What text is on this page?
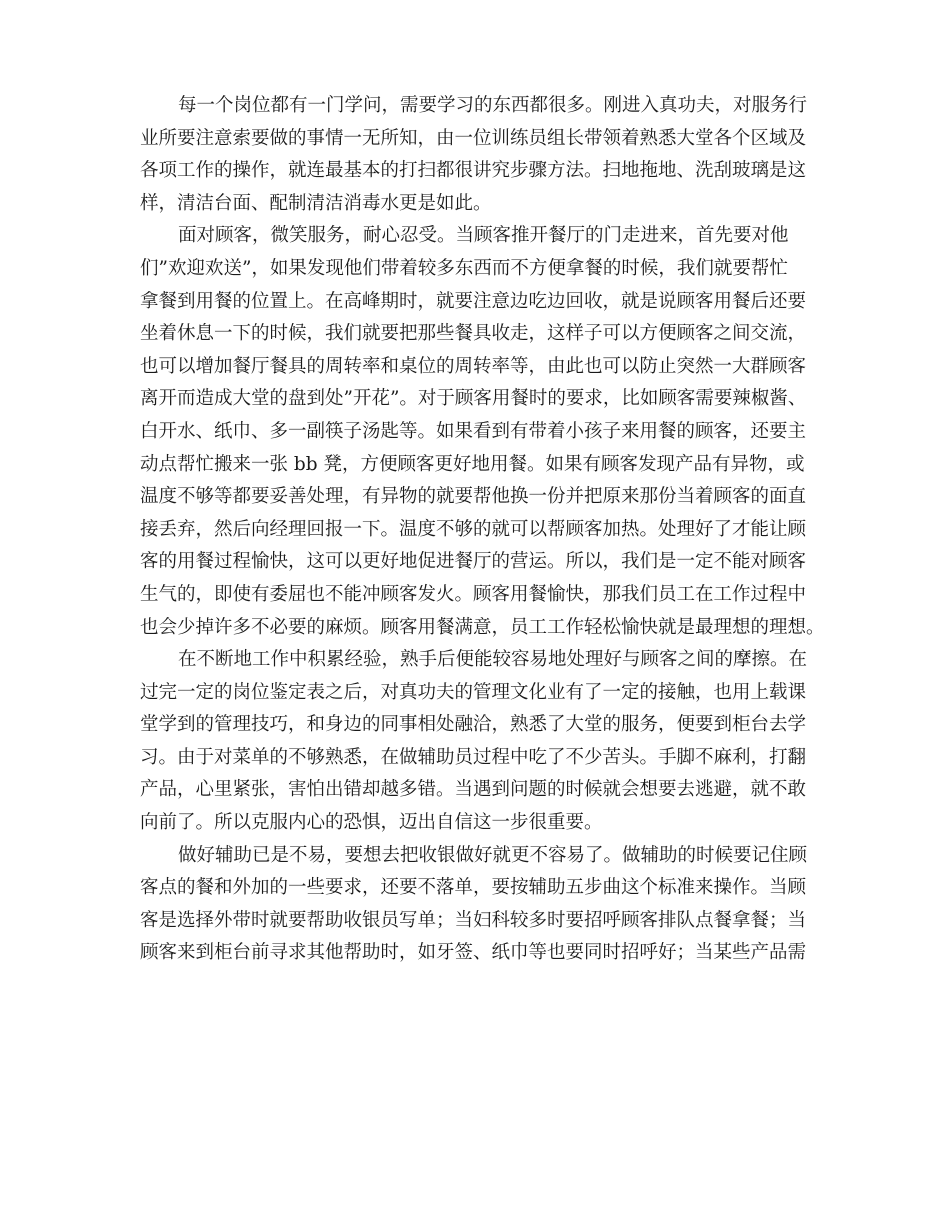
每一个岗位都有一门学问，需要学习的东西都很多。刚进入真功夫，对服务行
业所要注意索要做的事情一无所知，由一位训练员组长带领着熟悉大堂各个区域及
各项工作的操作，就连最基本的打扫都很讲究步骤方法。扫地拖地、洗刮玻璃是这
样，清洁台面、配制清洁消毒水更是如此。
面对顾客，微笑服务，耐心忍受。当顾客推开餐厅的门走进来，首先要对他
们”欢迎欢送”，如果发现他们带着较多东西而不方便拿餐的时候，我们就要帮忙
拿餐到用餐的位置上。在高峰期时，就要注意边吃边回收，就是说顾客用餐后还要
坐着休息一下的时候，我们就要把那些餐具收走，这样子可以方便顾客之间交流，
也可以增加餐厅餐具的周转率和桌位的周转率等，由此也可以防止突然一大群顾客
离开而造成大堂的盘到处”开花”。对于顾客用餐时的要求，比如顾客需要辣椒酱、
白开水、纸巾、多一副筷子汤匙等。如果看到有带着小孩子来用餐的顾客，还要主
动点帮忙搬来一张 bb 凳，方便顾客更好地用餐。如果有顾客发现产品有异物，或
温度不够等都要妥善处理，有异物的就要帮他换一份并把原来那份当着顾客的面直
接丢弃，然后向经理回报一下。温度不够的就可以帮顾客加热。处理好了才能让顾
客的用餐过程愉快，这可以更好地促进餐厅的营运。所以，我们是一定不能对顾客
生气的，即使有委屈也不能冲顾客发火。顾客用餐愉快，那我们员工在工作过程中
也会少掉许多不必要的麻烦。顾客用餐满意，员工工作轻松愉快就是最理想的理想。
在不断地工作中积累经验，熟手后便能较容易地处理好与顾客之间的摩擦。在
过完一定的岗位鉴定表之后，对真功夫的管理文化业有了一定的接触，也用上载课
堂学到的管理技巧，和身边的同事相处融洽，熟悉了大堂的服务，便要到柜台去学
习。由于对菜单的不够熟悉，在做辅助员过程中吃了不少苦头。手脚不麻利，打翻
产品，心里紧张，害怕出错却越多错。当遇到问题的时候就会想要去逃避，就不敢
向前了。所以克服内心的恐惧，迈出自信这一步很重要。
做好辅助已是不易，要想去把收银做好就更不容易了。做辅助的时候要记住顾
客点的餐和外加的一些要求，还要不落单，要按辅助五步曲这个标准来操作。当顾
客是选择外带时就要帮助收银员写单；当妇科较多时要招呼顾客排队点餐拿餐；当
顾客来到柜台前寻求其他帮助时，如牙签、纸巾等也要同时招呼好；当某些产品需
